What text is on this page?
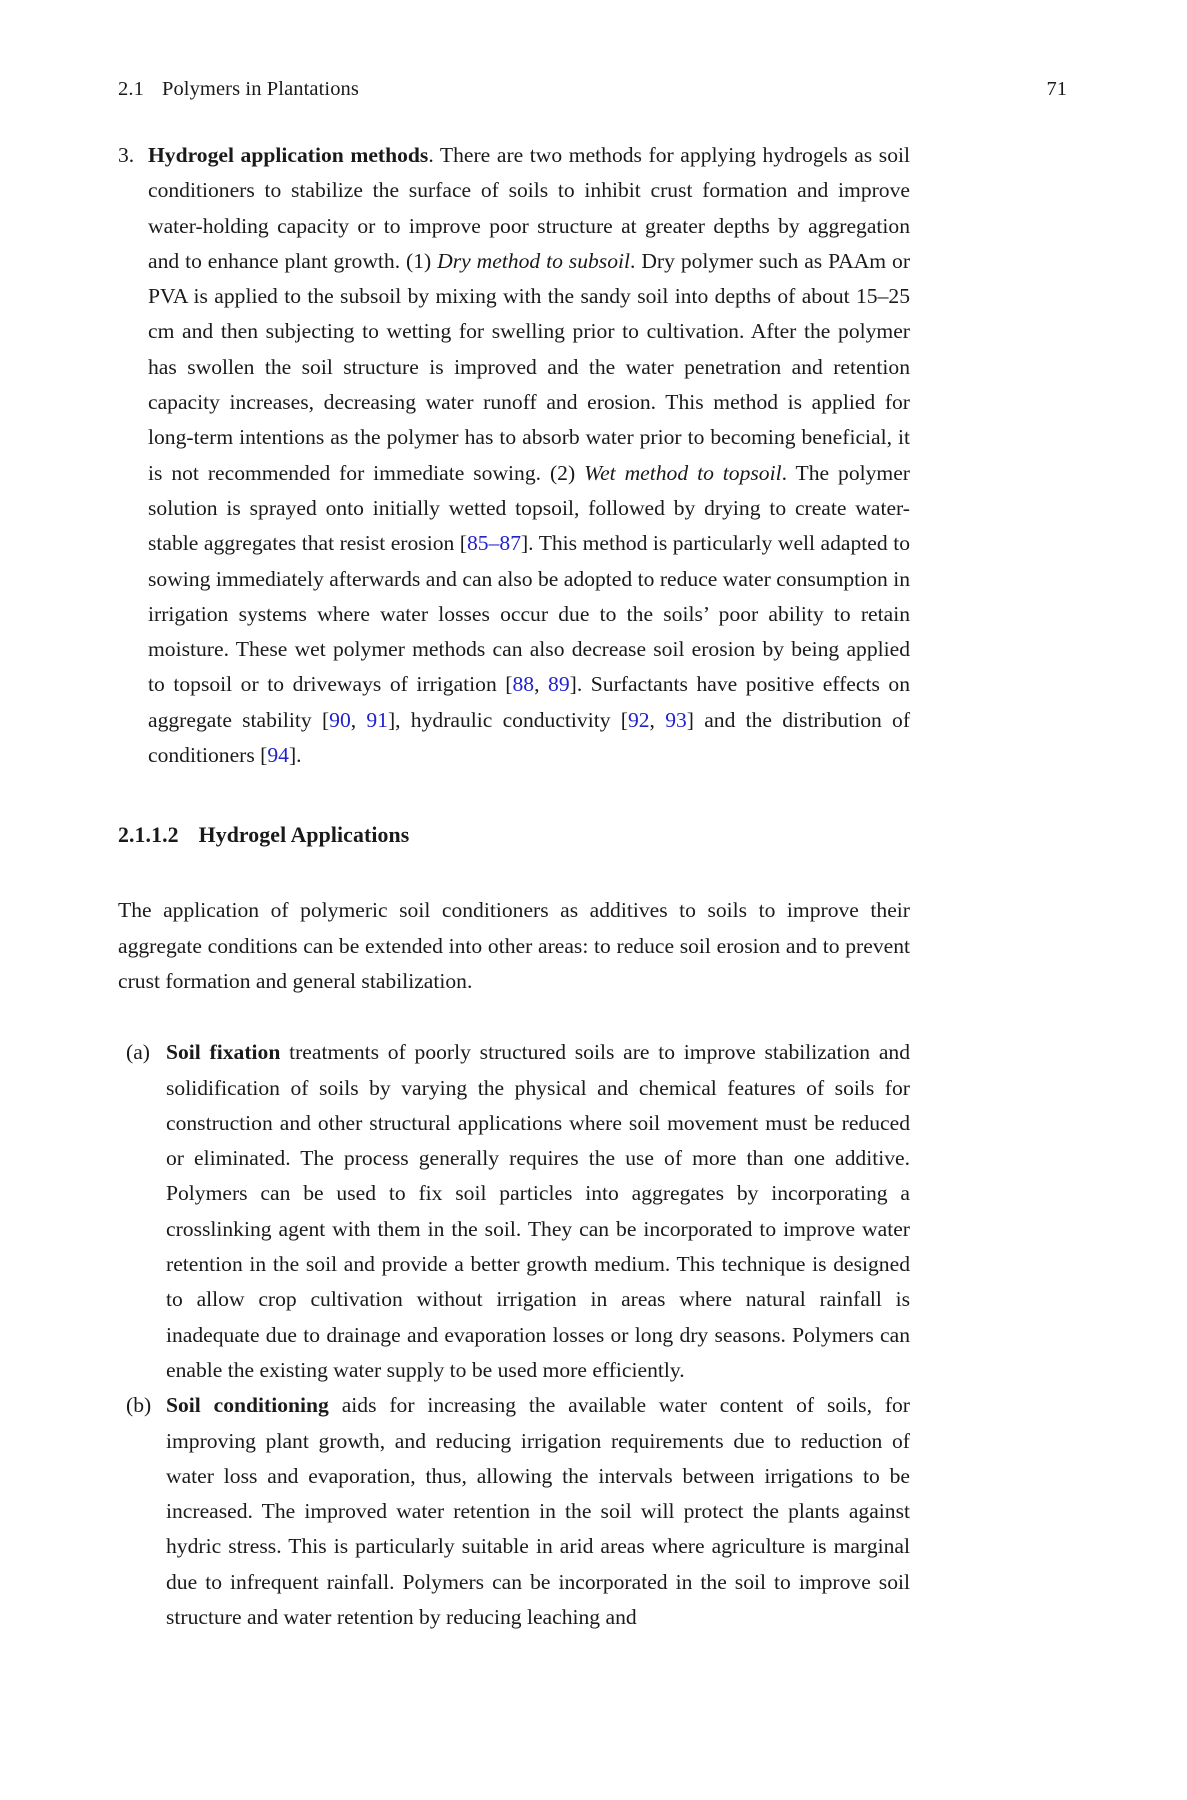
2.1 Polymers in Plantations	71
3. Hydrogel application methods. There are two methods for applying hydrogels as soil conditioners to stabilize the surface of soils to inhibit crust formation and improve water-holding capacity or to improve poor structure at greater depths by aggregation and to enhance plant growth. (1) Dry method to subsoil. Dry polymer such as PAAm or PVA is applied to the subsoil by mixing with the sandy soil into depths of about 15–25 cm and then subjecting to wetting for swelling prior to cultivation. After the polymer has swollen the soil structure is improved and the water penetration and retention capacity increases, decreasing water runoff and erosion. This method is applied for long-term intentions as the polymer has to absorb water prior to becoming beneficial, it is not recommended for immediate sowing. (2) Wet method to topsoil. The polymer solution is sprayed onto initially wetted topsoil, followed by drying to create water-stable aggregates that resist erosion [85–87]. This method is particularly well adapted to sowing immediately afterwards and can also be adopted to reduce water consumption in irrigation systems where water losses occur due to the soils’ poor ability to retain moisture. These wet polymer methods can also decrease soil erosion by being applied to topsoil or to driveways of irrigation [88, 89]. Surfactants have positive effects on aggregate stability [90, 91], hydraulic conductivity [92, 93] and the distribution of conditioners [94].

2.1.1.2 Hydrogel Applications

The application of polymeric soil conditioners as additives to soils to improve their aggregate conditions can be extended into other areas: to reduce soil erosion and to prevent crust formation and general stabilization.

(a) Soil fixation treatments of poorly structured soils are to improve stabilization and solidification of soils by varying the physical and chemical features of soils for construction and other structural applications where soil movement must be reduced or eliminated. The process generally requires the use of more than one additive. Polymers can be used to fix soil particles into aggregates by incorporating a crosslinking agent with them in the soil. They can be incorporated to improve water retention in the soil and provide a better growth medium. This technique is designed to allow crop cultivation without irrigation in areas where natural rainfall is inadequate due to drainage and evaporation losses or long dry seasons. Polymers can enable the existing water supply to be used more efficiently.

(b) Soil conditioning aids for increasing the available water content of soils, for improving plant growth, and reducing irrigation requirements due to reduction of water loss and evaporation, thus, allowing the intervals between irrigations to be increased. The improved water retention in the soil will protect the plants against hydric stress. This is particularly suitable in arid areas where agriculture is marginal due to infrequent rainfall. Polymers can be incorporated in the soil to improve soil structure and water retention by reducing leaching and
